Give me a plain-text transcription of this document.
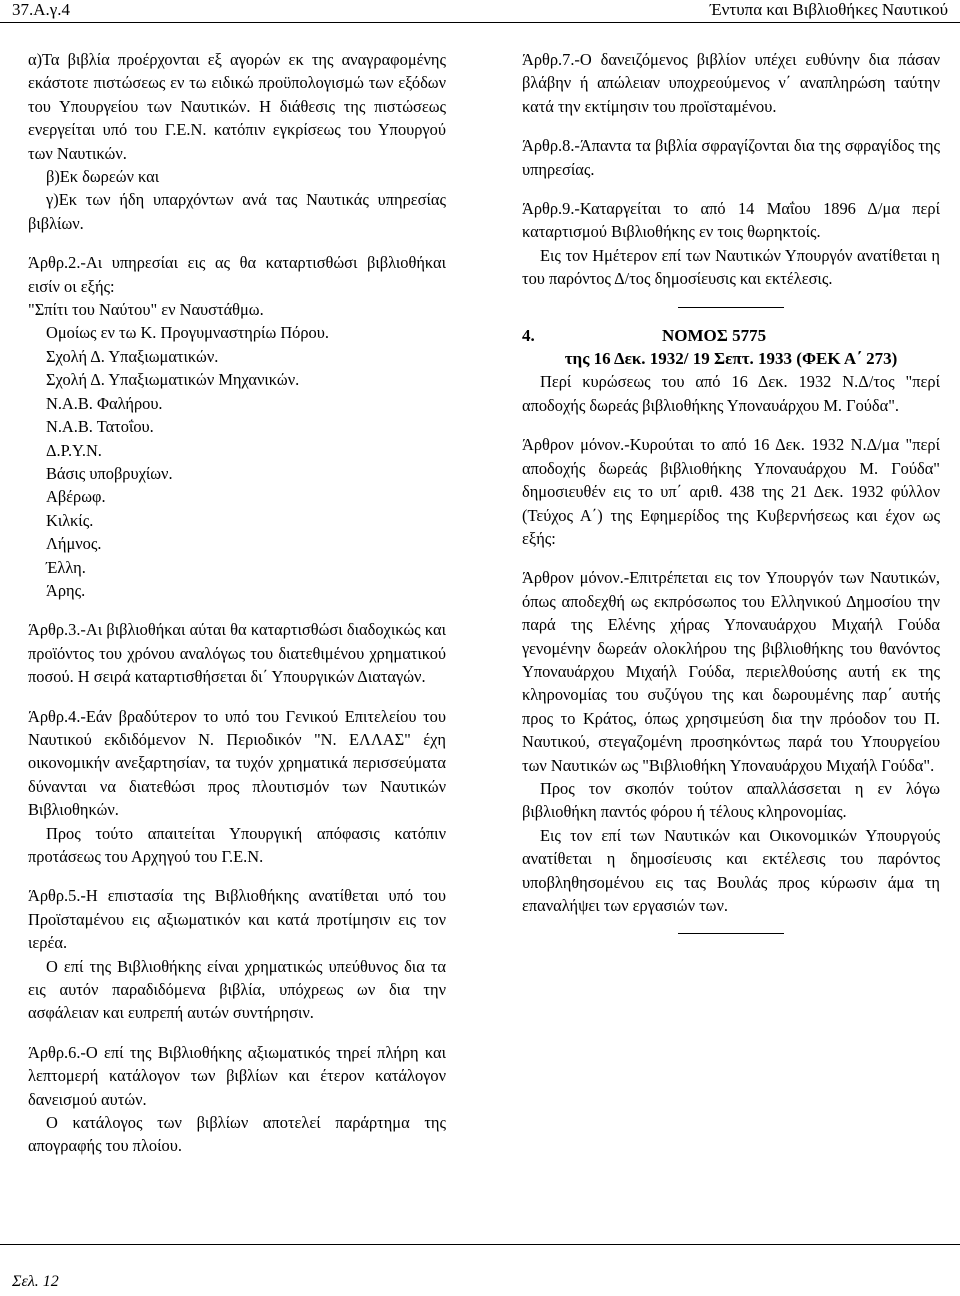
37.Α.γ.4	Έντυπα και Βιβλιοθήκες Ναυτικού

α)Τα βιβλία προέρχονται εξ αγορών εκ της αναγραφομένης εκάστοτε πιστώσεως εν τω ειδικώ προϋπολογισμώ των εξόδων του Υπουργείου των Ναυτικών. Η διάθεσις της πιστώσεως ενεργείται υπό του Γ.Ε.Ν. κατόπιν εγκρίσεως του Υπουργού των Ναυτικών.

β)Εκ δωρεών και

γ)Εκ των ήδη υπαρχόντων ανά τας Ναυτικάς υπηρεσίας βιβλίων.

Άρθρ.2.-Αι υπηρεσίαι εις ας θα καταρτισθώσι βιβλιοθήκαι εισίν οι εξής:

"Σπίτι του Ναύτου" εν Ναυστάθμω.

Ομοίως εν τω Κ. Προγυμναστηρίω Πόρου.

Σχολή Δ. Υπαξιωματικών.

Σχολή Δ. Υπαξιωματικών Μηχανικών.

Ν.Α.Β. Φαλήρου.

Ν.Α.Β. Τατοΐου.

Δ.Ρ.Υ.Ν.

Βάσις υποβρυχίων.

Αβέρωφ.

Κιλκίς.

Λήμνος.

Έλλη.

Άρης.

Άρθρ.3.-Αι βιβλιοθήκαι αύται θα καταρτισθώσι διαδοχικώς και προϊόντος του χρόνου αναλόγως του διατεθιμένου χρηματικού ποσού. Η σειρά καταρτισθήσεται δι΄ Υπουργικών Διαταγών.

Άρθρ.4.-Εάν βραδύτερον το υπό του Γενικού Επιτελείου του Ναυτικού εκδιδόμενον Ν. Περιοδικόν "Ν. ΕΛΛΑΣ" έχη οικονομικήν ανεξαρτησίαν, τα τυχόν χρηματικά περισσεύματα δύνανται να διατεθώσι προς πλουτισμόν των Ναυτικών Βιβλιοθηκών.

Προς τούτο απαιτείται Υπουργική απόφασις κατόπιν προτάσεως του Αρχηγού του Γ.Ε.Ν.

Άρθρ.5.-Η επιστασία της Βιβλιοθήκης ανατίθεται υπό του Προϊσταμένου εις αξιωματικόν και κατά προτίμησιν εις τον ιερέα.

Ο επί της Βιβλιοθήκης είναι χρηματικώς υπεύθυνος δια τα εις αυτόν παραδιδόμενα βιβλία, υπόχρεως ων δια την ασφάλειαν και ευπρεπή αυτών συντήρησιν.

Άρθρ.6.-Ο επί της Βιβλιοθήκης αξιωματικός τηρεί πλήρη και λεπτομερή κατάλογον των βιβλίων και έτερον κατάλογον δανεισμού αυτών.

Ο κατάλογος των βιβλίων αποτελεί παράρτημα της απογραφής του πλοίου.

Άρθρ.7.-Ο δανειζόμενος βιβλίον υπέχει ευθύνην δια πάσαν βλάβην ή απώλειαν υποχρεούμενος ν΄ αναπληρώση ταύτην κατά την εκτίμησιν του προϊσταμένου.

Άρθρ.8.-Άπαντα τα βιβλία σφραγίζονται δια της σφραγίδος της υπηρεσίας.

Άρθρ.9.-Καταργείται το από 14 Μαΐου 1896 Δ/μα περί καταρτισμού Βιβλιοθήκης εν τοις θωρηκτοίς.

Εις τον Ημέτερον επί των Ναυτικών Υπουργόν ανατίθεται η του παρόντος Δ/τος δημοσίευσις και εκτέλεσις.

4.	ΝΟΜΟΣ 5775

της 16 Δεκ. 1932/ 19 Σεπτ. 1933 (ΦΕΚ Α΄ 273)

Περί κυρώσεως του από 16 Δεκ. 1932 Ν.Δ/τος "περί αποδοχής δωρεάς βιβλιοθήκης Υποναυάρχου Μ. Γούδα".

Άρθρον μόνον.-Κυρούται το από 16 Δεκ. 1932 Ν.Δ/μα "περί αποδοχής δωρεάς βιβλιοθήκης Υποναυάρχου Μ. Γούδα" δημοσιευθέν εις το υπ΄ αριθ. 438 της 21 Δεκ. 1932 φύλλον (Τεύχος Α΄) της Εφημερίδος της Κυβερνήσεως και έχον ως εξής:

Άρθρον μόνον.-Επιτρέπεται εις τον Υπουργόν των Ναυτικών, όπως αποδεχθή ως εκπρόσωπος του Ελληνικού Δημοσίου την παρά της Ελένης χήρας Υποναυάρχου Μιχαήλ Γούδα γενομένην δωρεάν ολοκλήρου της βιβλιοθήκης του θανόντος Υποναυάρχου Μιχαήλ Γούδα, περιελθούσης αυτή εκ της κληρονομίας του συζύγου της και δωρουμένης παρ΄ αυτής προς το Κράτος, όπως χρησιμεύση δια την πρόοδον του Π. Ναυτικού, στεγαζομένη προσηκόντως παρά του Υπουργείου των Ναυτικών ως "Βιβλιοθήκη Υποναυάρχου Μιχαήλ Γούδα".

Προς τον σκοπόν τούτον απαλλάσσεται η εν λόγω βιβλιοθήκη παντός φόρου ή τέλους κληρονομίας.

Εις τον επί των Ναυτικών και Οικονομικών Υπουργούς ανατίθεται η δημοσίευσις και εκτέλεσις του παρόντος υποβληθησομένου εις τας Βουλάς προς κύρωσιν άμα τη επαναλήψει των εργασιών των.

Σελ. 12
